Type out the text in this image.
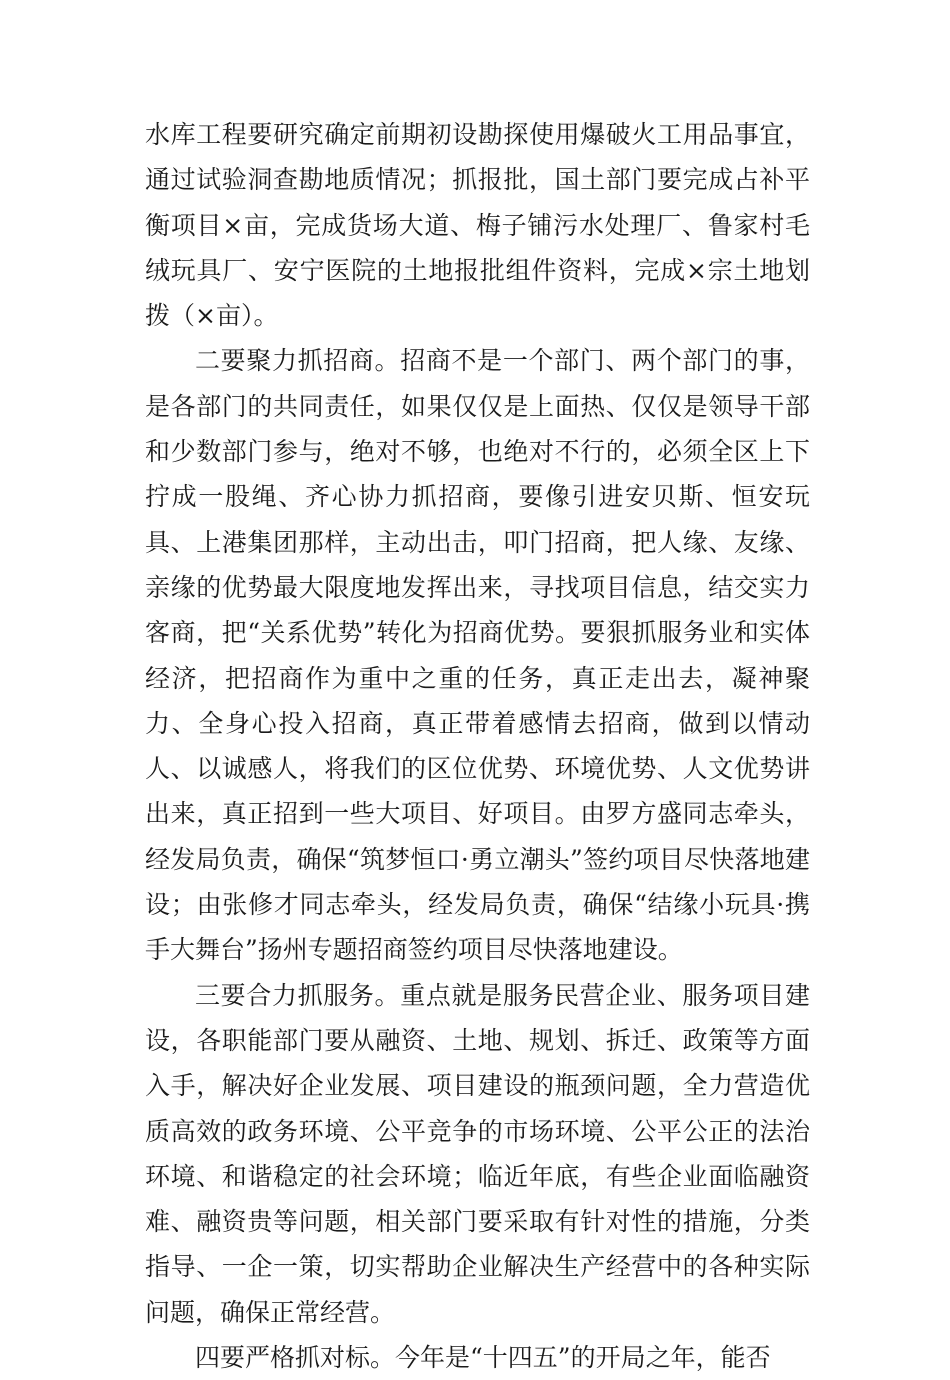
水库工程要研究确定前期初设勘探使用爆破火工用品事宜，通过试验洞查勘地质情况；抓报批，国土部门要完成占补平衡项目×亩，完成货场大道、梅子铺污水处理厂、鲁家村毛绒玩具厂、安宁医院的土地报批组件资料，完成×宗土地划拨（×亩）。

二要聚力抓招商。招商不是一个部门、两个部门的事，是各部门的共同责任，如果仅仅是上面热、仅仅是领导干部和少数部门参与，绝对不够，也绝对不行的，必须全区上下拧成一股绳、齐心协力抓招商，要像引进安贝斯、恒安玩具、上港集团那样，主动出击，叩门招商，把人缘、友缘、亲缘的优势最大限度地发挥出来，寻找项目信息，结交实力客商，把“关系优势”转化为招商优势。要狠抓服务业和实体经济，把招商作为重中之重的任务，真正走出去，凝神聚力、全身心投入招商，真正带着感情去招商，做到以情动人、以诚感人，将我们的区位优势、环境优势、人文优势讲出来，真正招到一些大项目、好项目。由罗方盛同志牵头，经发局负责，确保“筑梦恒口·勇立潮头”签约项目尽快落地建设；由张修才同志牵头，经发局负责，确保“结缘小玩具·携手大舞台”扬州专题招商签约项目尽快落地建设。

三要合力抓服务。重点就是服务民营企业、服务项目建设，各职能部门要从融资、土地、规划、拆迁、政策等方面入手，解决好企业发展、项目建设的瓶颈问题，全力营造优质高效的政务环境、公平竞争的市场环境、公平公正的法治环境、和谐稳定的社会环境；临近年底，有些企业面临融资难、融资贵等问题，相关部门要采取有针对性的措施，分类指导、一企一策，切实帮助企业解决生产经营中的各种实际问题，确保正常经营。

四要严格抓对标。今年是“十四五”的开局之年，能否
